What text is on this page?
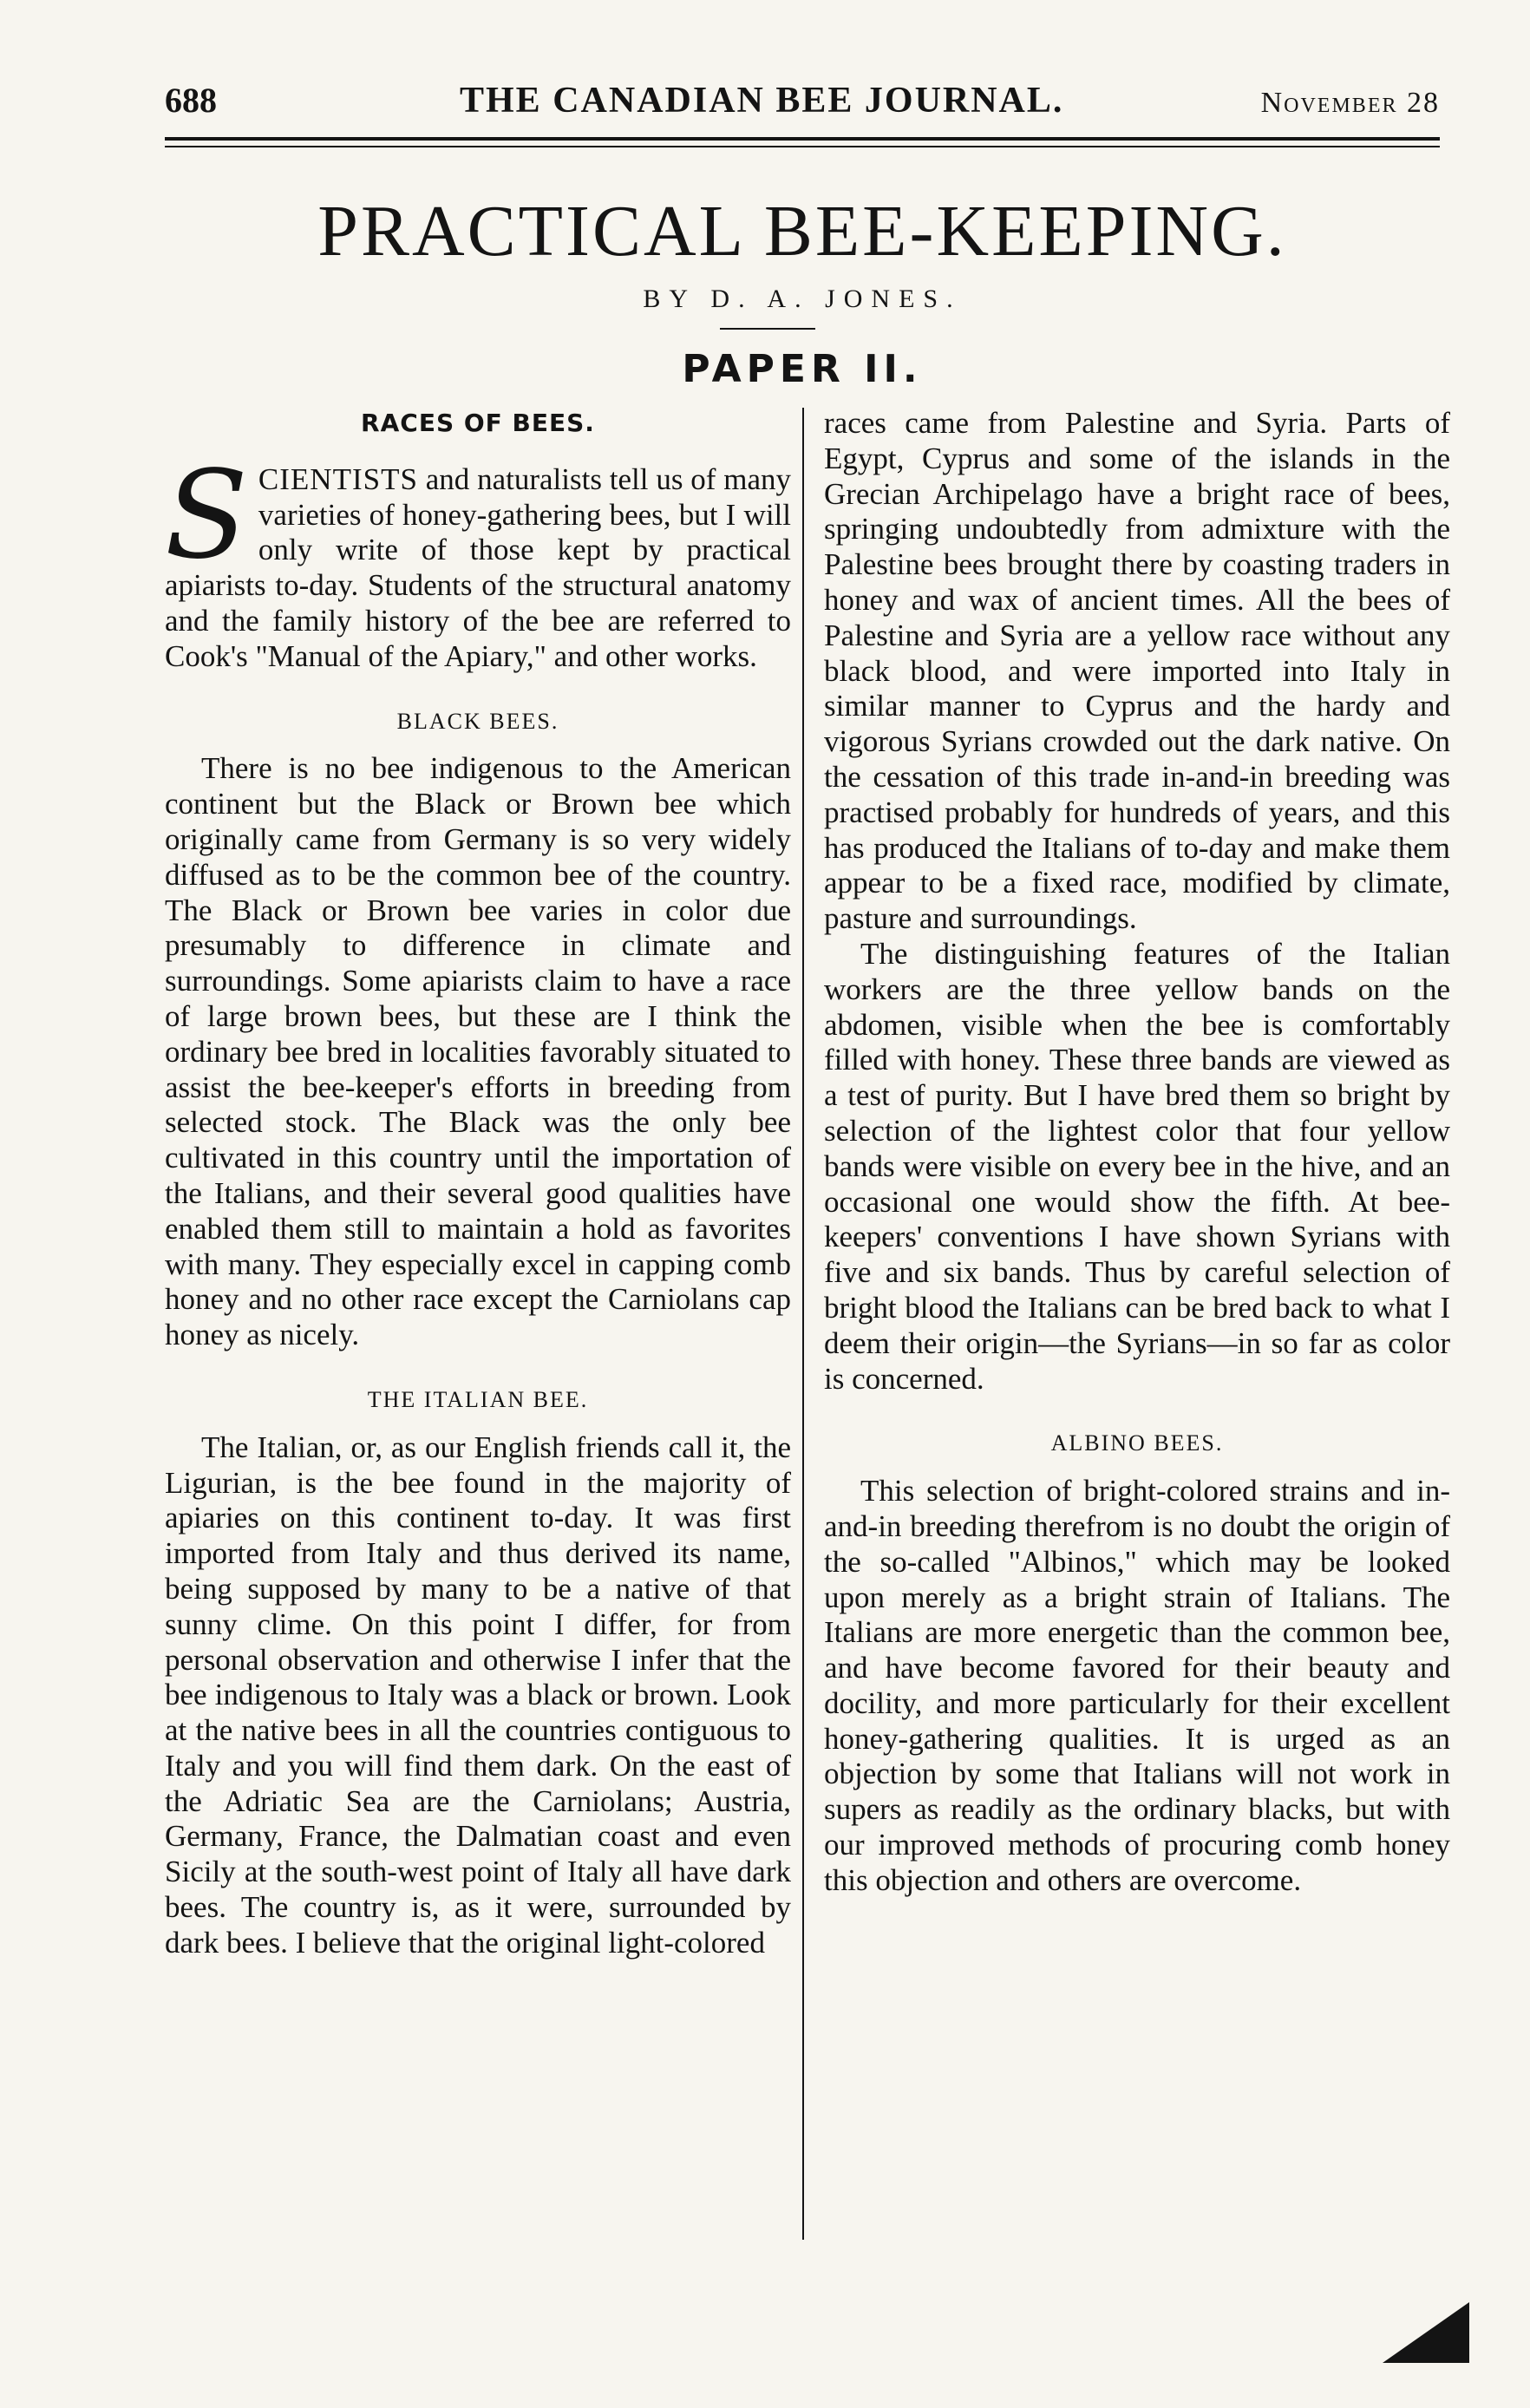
688	THE CANADIAN BEE JOURNAL.	November 28
PRACTICAL BEE-KEEPING.
BY D. A. JONES.
PAPER II.
RACES OF BEES.

SCIENTISTS and naturalists tell us of many varieties of honey-gathering bees, but I will only write of those kept by practical apiarists to-day. Students of the structural anatomy and the family history of the bee are referred to Cook's "Manual of the Apiary," and other works.

BLACK BEES.

There is no bee indigenous to the American continent but the Black or Brown bee which originally came from Germany is so very widely diffused as to be the common bee of the country. The Black or Brown bee varies in color due presumably to difference in climate and surroundings. Some apiarists claim to have a race of large brown bees, but these are I think the ordinary bee bred in localities favorably situated to assist the bee-keeper's efforts in breeding from selected stock. The Black was the only bee cultivated in this country until the importation of the Italians, and their several good qualities have enabled them still to maintain a hold as favorites with many. They especially excel in capping comb honey and no other race except the Carniolans cap honey as nicely.

THE ITALIAN BEE.

The Italian, or, as our English friends call it, the Ligurian, is the bee found in the majority of apiaries on this continent to-day. It was first imported from Italy and thus derived its name, being supposed by many to be a native of that sunny clime. On this point I differ, for from personal observation and otherwise I infer that the bee indigenous to Italy was a black or brown. Look at the native bees in all the countries contiguous to Italy and you will find them dark. On the east of the Adriatic Sea are the Carniolans; Austria, Germany, France, the Dalmatian coast and even Sicily at the south-west point of Italy all have dark bees. The country is, as it were, surrounded by dark bees. I believe that the original light-colored

races came from Palestine and Syria. Parts of Egypt, Cyprus and some of the islands in the Grecian Archipelago have a bright race of bees, springing undoubtedly from admixture with the Palestine bees brought there by coasting traders in honey and wax of ancient times. All the bees of Palestine and Syria are a yellow race without any black blood, and were imported into Italy in similar manner to Cyprus and the hardy and vigorous Syrians crowded out the dark native. On the cessation of this trade in-and-in breeding was practised probably for hundreds of years, and this has produced the Italians of to-day and make them appear to be a fixed race, modified by climate, pasture and surroundings.

The distinguishing features of the Italian workers are the three yellow bands on the abdomen, visible when the bee is comfortably filled with honey. These three bands are viewed as a test of purity. But I have bred them so bright by selection of the lightest color that four yellow bands were visible on every bee in the hive, and an occasional one would show the fifth. At bee-keepers' conventions I have shown Syrians with five and six bands. Thus by careful selection of bright blood the Italians can be bred back to what I deem their origin—the Syrians—in so far as color is concerned.

ALBINO BEES.

This selection of bright-colored strains and in-and-in breeding therefrom is no doubt the origin of the so-called "Albinos," which may be looked upon merely as a bright strain of Italians. The Italians are more energetic than the common bee, and have become favored for their beauty and docility, and more particularly for their excellent honey-gathering qualities. It is urged as an objection by some that Italians will not work in supers as readily as the ordinary blacks, but with our improved methods of procuring comb honey this objection and others are overcome.
